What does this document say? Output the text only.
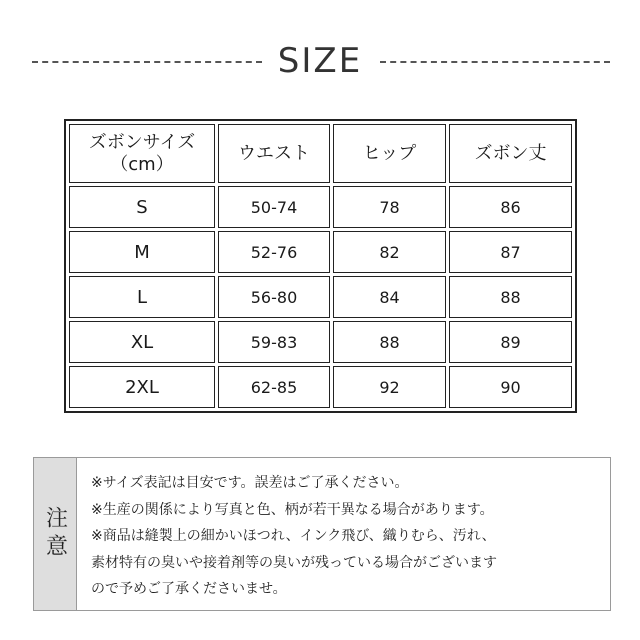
SIZE
ズボンサイズ
（cm）	ウエスト	ヒップ	ズボン丈
S	50-74	78	86
M	52-76	82	87
L	56-80	84	88
XL	59-83	88	89
2XL	62-85	92	90
注意
※サイズ表記は目安です。誤差はご了承ください。
※生産の関係により写真と色、柄が若干異なる場合があります。
※商品は縫製上の細かいほつれ、インク飛び、織りむら、汚れ、
素材特有の臭いや接着剤等の臭いが残っている場合がございます
ので予めご了承くださいませ。
